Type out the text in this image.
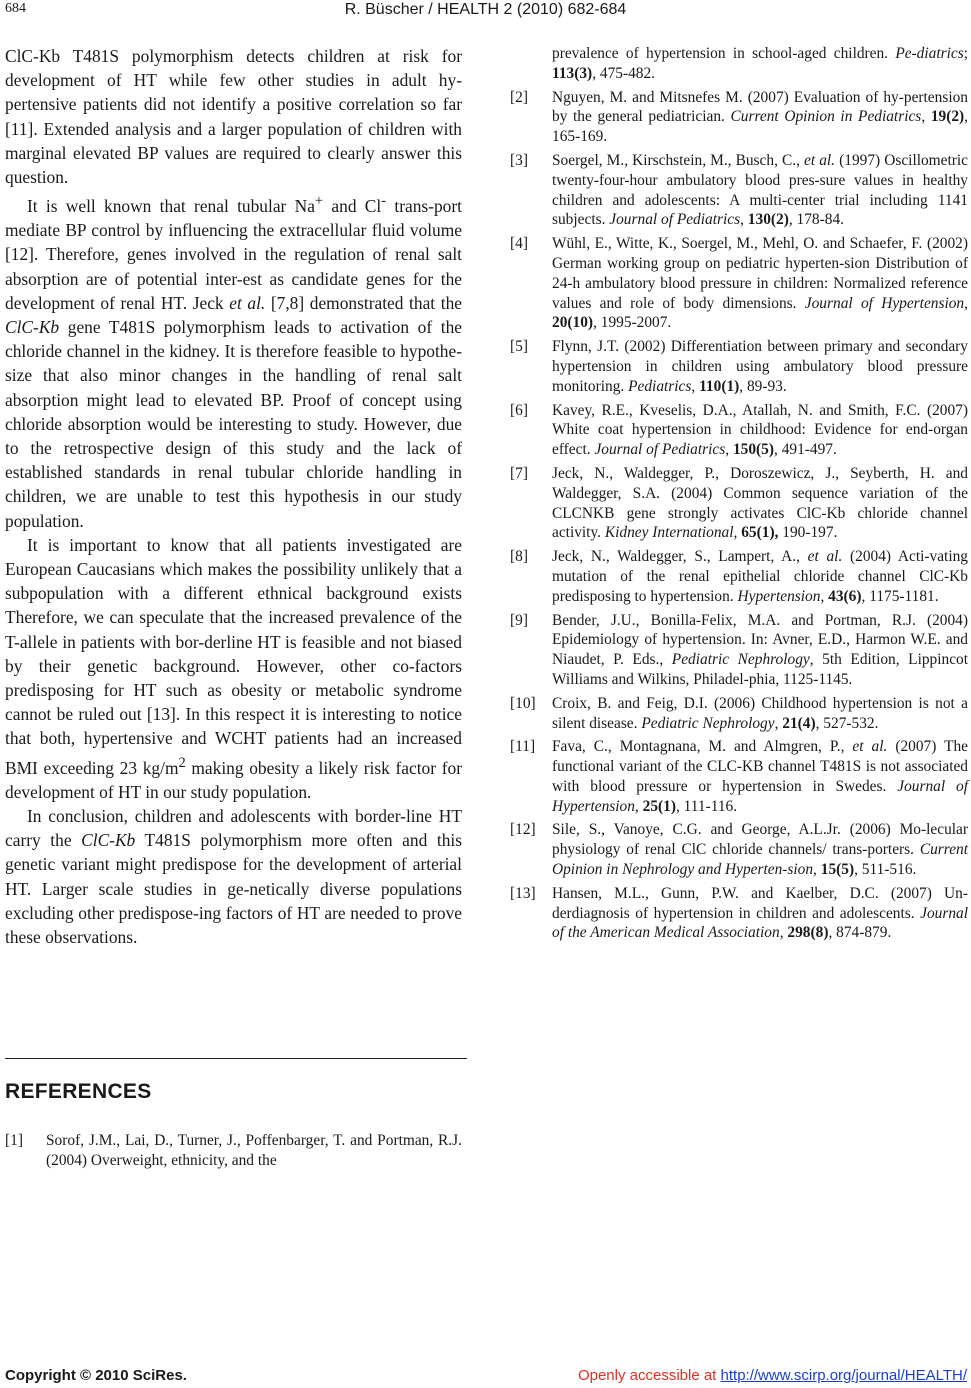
684	R. Büscher / HEALTH 2 (2010) 682-684

ClC-Kb T481S polymorphism detects children at risk for development of HT while few other studies in adult hy-pertensive patients did not identify a positive correlation so far [11]. Extended analysis and a larger population of children with marginal elevated BP values are required to clearly answer this question.

It is well known that renal tubular Na+ and Cl- trans-port mediate BP control by influencing the extracellular fluid volume [12]. Therefore, genes involved in the regulation of renal salt absorption are of potential inter-est as candidate genes for the development of renal HT. Jeck et al. [7,8] demonstrated that the ClC-Kb gene T481S polymorphism leads to activation of the chloride channel in the kidney. It is therefore feasible to hypothe-size that also minor changes in the handling of renal salt absorption might lead to elevated BP. Proof of concept using chloride absorption would be interesting to study. However, due to the retrospective design of this study and the lack of established standards in renal tubular chloride handling in children, we are unable to test this hypothesis in our study population.

It is important to know that all patients investigated are European Caucasians which makes the possibility unlikely that a subpopulation with a different ethnical background exists Therefore, we can speculate that the increased prevalence of the T-allele in patients with bor-derline HT is feasible and not biased by their genetic background. However, other co-factors predisposing for HT such as obesity or metabolic syndrome cannot be ruled out [13]. In this respect it is interesting to notice that both, hypertensive and WCHT patients had an increased BMI exceeding 23 $kg/m^2$ making obesity a likely risk factor for development of HT in our study population.

In conclusion, children and adolescents with border-line HT carry the ClC-Kb T481S polymorphism more often and this genetic variant might predispose for the development of arterial HT. Larger scale studies in ge-netically diverse populations excluding other predispose-ing factors of HT are needed to prove these observations.

REFERENCES
[1]	Sorof, J.M., Lai, D., Turner, J., Poffenbarger, T. and Portman, R.J. (2004) Overweight, ethnicity, and the
prevalence of hypertension in school-aged children. Pe-diatrics; 113(3), 475-482.
[2]	Nguyen, M. and Mitsnefes M. (2007) Evaluation of hy-pertension by the general pediatrician. Current Opinion in Pediatrics, 19(2), 165-169.
[3]	Soergel, M., Kirschstein, M., Busch, C., et al. (1997) Oscillometric twenty-four-hour ambulatory blood pres-sure values in healthy children and adolescents: A multi-center trial including 1141 subjects. Journal of Pediatrics, 130(2), 178-84.
[4]	Wühl, E., Witte, K., Soergel, M., Mehl, O. and Schaefer, F. (2002) German working group on pediatric hyperten-sion Distribution of 24-h ambulatory blood pressure in children: Normalized reference values and role of body dimensions. Journal of Hypertension, 20(10), 1995-2007.
[5]	Flynn, J.T. (2002) Differentiation between primary and secondary hypertension in children using ambulatory blood pressure monitoring. Pediatrics, 110(1), 89-93.
[6]	Kavey, R.E., Kveselis, D.A., Atallah, N. and Smith, F.C. (2007) White coat hypertension in childhood: Evidence for end-organ effect. Journal of Pediatrics, 150(5), 491-497.
[7]	Jeck, N., Waldegger, P., Doroszewicz, J., Seyberth, H. and Waldegger, S.A. (2004) Common sequence variation of the CLCNKB gene strongly activates ClC-Kb chloride channel activity. Kidney International, 65(1), 190-197.
[8]	Jeck, N., Waldegger, S., Lampert, A., et al. (2004) Acti-vating mutation of the renal epithelial chloride channel ClC-Kb predisposing to hypertension. Hypertension, 43(6), 1175-1181.
[9]	Bender, J.U., Bonilla-Felix, M.A. and Portman, R.J. (2004) Epidemiology of hypertension. In: Avner, E.D., Harmon W.E. and Niaudet, P. Eds., Pediatric Nephrology, 5th Edition, Lippincot Williams and Wilkins, Philadel-phia, 1125-1145.
[10]	Croix, B. and Feig, D.I. (2006) Childhood hypertension is not a silent disease. Pediatric Nephrology, 21(4), 527-532.
[11]	Fava, C., Montagnana, M. and Almgren, P., et al. (2007) The functional variant of the CLC-KB channel T481S is not associated with blood pressure or hypertension in Swedes. Journal of Hypertension, 25(1), 111-116.
[12]	Sile, S., Vanoye, C.G. and George, A.L.Jr. (2006) Mo-lecular physiology of renal ClC chloride channels/ trans-porters. Current Opinion in Nephrology and Hyperten-sion, 15(5), 511-516.
[13]	Hansen, M.L., Gunn, P.W. and Kaelber, D.C. (2007) Un-derdiagnosis of hypertension in children and adolescents. Journal of the American Medical Association, 298(8), 874-879.
Copyright © 2010 SciRes.	Openly accessible at http://www.scirp.org/journal/HEALTH/
